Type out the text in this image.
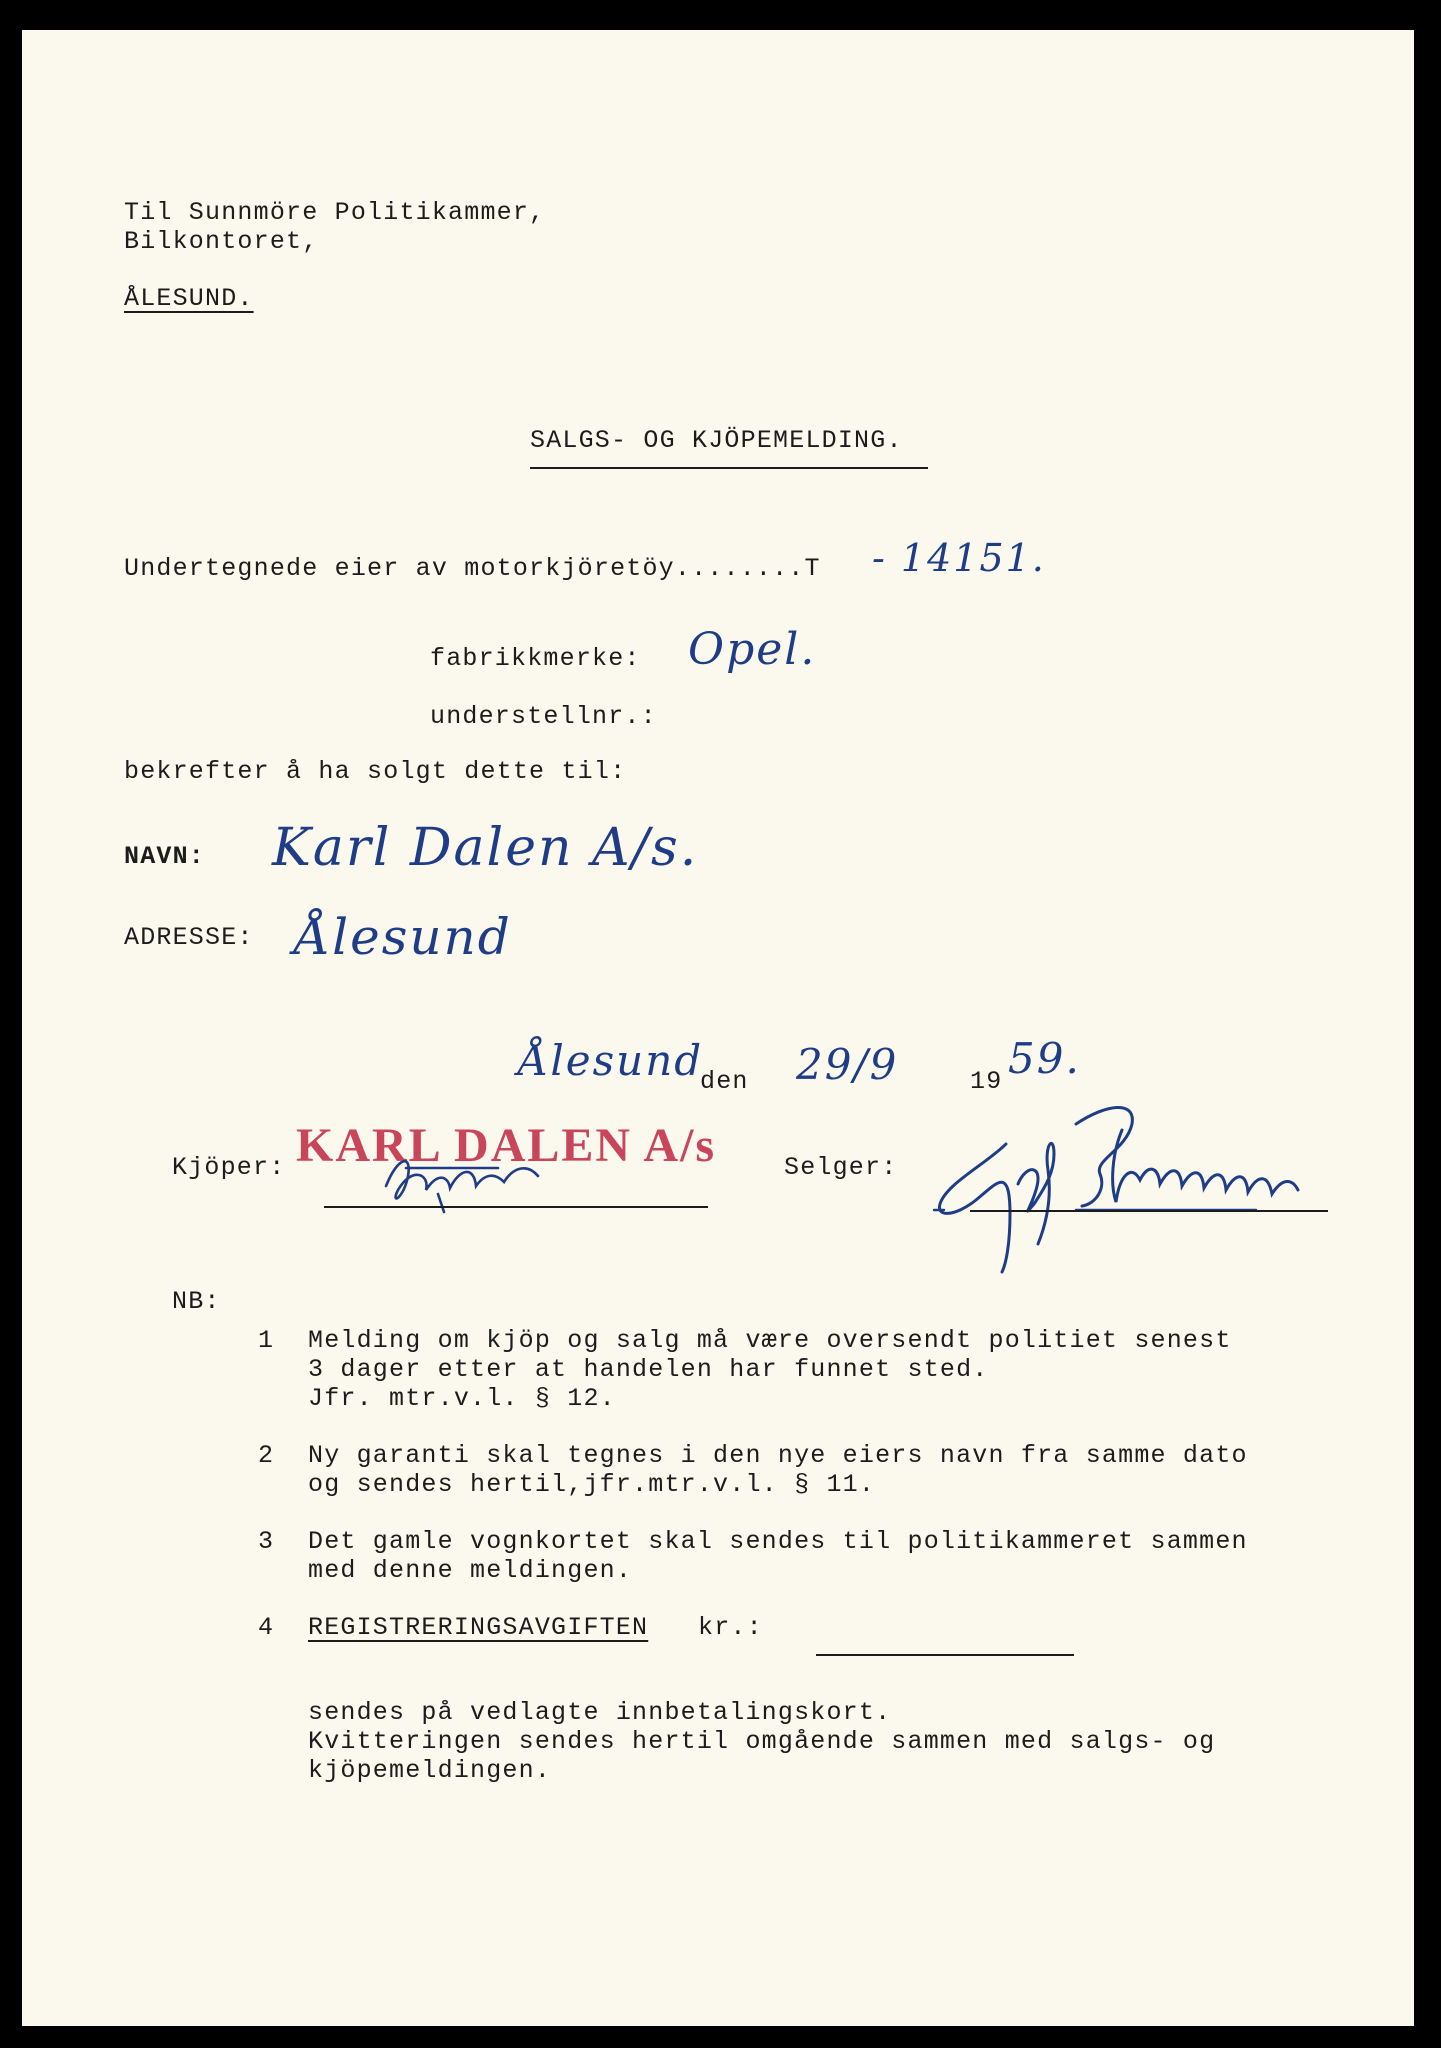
Til Sunnmöre Politikammer,
Bilkontoret,
ÅLESUND.
SALGS- OG KJÖPEMELDING.
Undertegnede eier av motorkjöretöy........T - 14151.
fabrikkmerke: Opel.
understellnr.:
bekrefter å ha solgt dette til:
NAVN: Karl Dalen A/s.
ADRESSE: Ålesund
Ålesund
den 29/9	19 59.
Kjöper: KARL DALEN A/s	Selger:
NB:
1 Melding om kjöp og salg må være oversendt politiet senest
3 dager etter at handelen har funnet sted.
Jfr. mtr.v.l. § 12.
2 Ny garanti skal tegnes i den nye eiers navn fra samme dato
og sendes hertil,jfr.mtr.v.l. § 11.
3 Det gamle vognkortet skal sendes til politikammeret sammen
med denne meldingen.
4 REGISTRERINGSAVGIFTEN kr.:
sendes på vedlagte innbetalingskort.
Kvitteringen sendes hertil omgående sammen med salgs- og
kjöpemeldingen.
